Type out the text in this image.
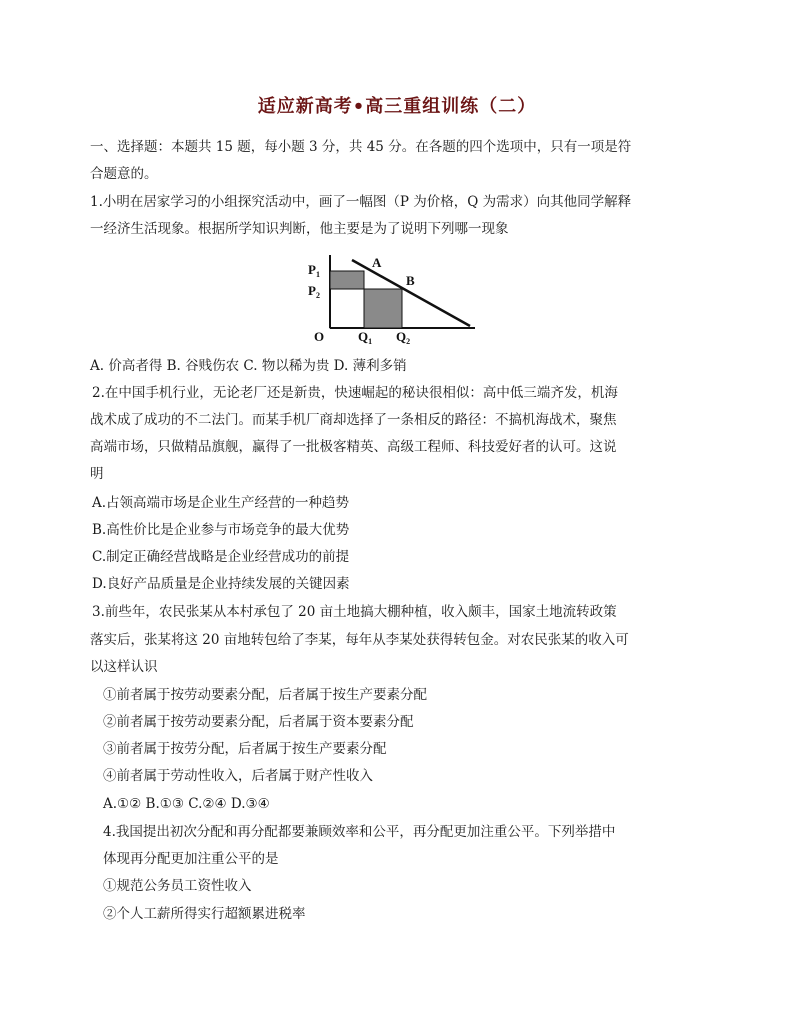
适应新高考•高三重组训练（二）
一、选择题：本题共 15 题，每小题 3 分，共 45 分。在各题的四个选项中，只有一项是符
合题意的。
1.小明在居家学习的小组探究活动中，画了一幅图（P 为价格，Q 为需求）向其他同学解释
一经济生活现象。根据所学知识判断，他主要是为了说明下列哪一现象
$P_1$
$P_2$
A
B
O	$Q_1$ $Q_2$
A. 价高者得 B. 谷贱伤农 C. 物以稀为贵 D. 薄利多销
2.在中国手机行业，无论老厂还是新贵，快速崛起的秘诀很相似：高中低三端齐发，机海
战术成了成功的不二法门。而某手机厂商却选择了一条相反的路径：不搞机海战术，聚焦
高端市场，只做精品旗舰，赢得了一批极客精英、高级工程师、科技爱好者的认可。这说
明
A.占领高端市场是企业生产经营的一种趋势
B.高性价比是企业参与市场竞争的最大优势
C.制定正确经营战略是企业经营成功的前提
D.良好产品质量是企业持续发展的关键因素
3.前些年，农民张某从本村承包了 20 亩土地搞大棚种植，收入颇丰，国家土地流转政策
落实后，张某将这 20 亩地转包给了李某，每年从李某处获得转包金。对农民张某的收入可
以这样认识
①前者属于按劳动要素分配，后者属于按生产要素分配
②前者属于按劳动要素分配，后者属于资本要素分配
③前者属于按劳分配，后者属于按生产要素分配
④前者属于劳动性收入，后者属于财产性收入
A.①② B.①③ C.②④ D.③④
4.我国提出初次分配和再分配都要兼顾效率和公平，再分配更加注重公平。下列举措中
体现再分配更加注重公平的是
①规范公务员工资性收入
②个人工薪所得实行超额累进税率
